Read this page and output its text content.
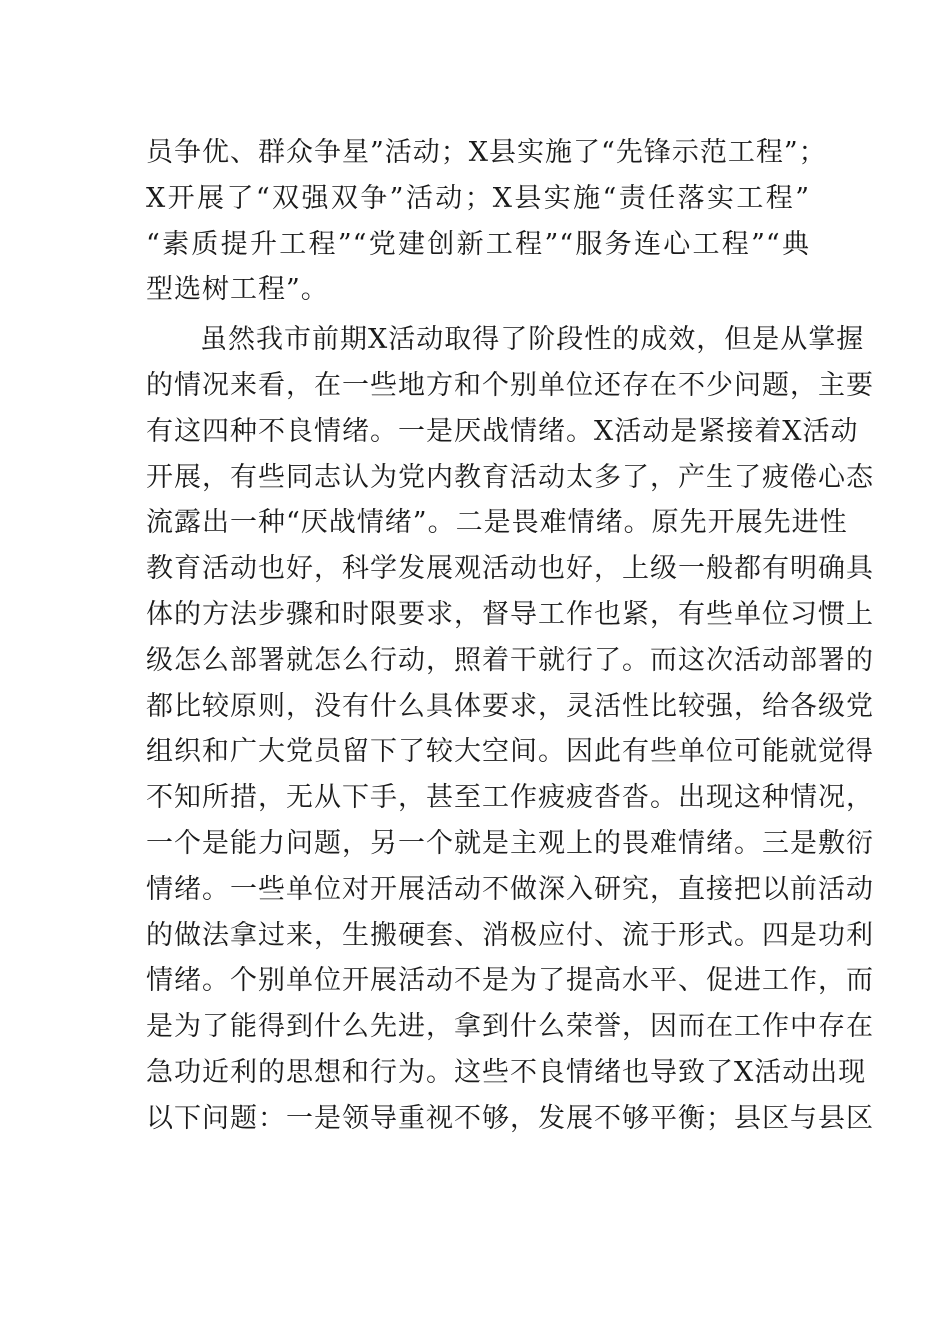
员争优、群众争星”活动；X县实施了“先锋示范工程”；
X开展了“双强双争”活动；X县实施“责任落实工程”
“素质提升工程”“党建创新工程”“服务连心工程”“典
型选树工程”。
虽然我市前期X活动取得了阶段性的成效，但是从掌握
的情况来看，在一些地方和个别单位还存在不少问题，主要
有这四种不良情绪。一是厌战情绪。X活动是紧接着X活动
开展，有些同志认为党内教育活动太多了，产生了疲倦心态
流露出一种“厌战情绪”。二是畏难情绪。原先开展先进性
教育活动也好，科学发展观活动也好，上级一般都有明确具
体的方法步骤和时限要求，督导工作也紧，有些单位习惯上
级怎么部署就怎么行动，照着干就行了。而这次活动部署的
都比较原则，没有什么具体要求，灵活性比较强，给各级党
组织和广大党员留下了较大空间。因此有些单位可能就觉得
不知所措，无从下手，甚至工作疲疲沓沓。出现这种情况，
一个是能力问题，另一个就是主观上的畏难情绪。三是敷衍
情绪。一些单位对开展活动不做深入研究，直接把以前活动
的做法拿过来，生搬硬套、消极应付、流于形式。四是功利
情绪。个别单位开展活动不是为了提高水平、促进工作，而
是为了能得到什么先进，拿到什么荣誉，因而在工作中存在
急功近利的思想和行为。这些不良情绪也导致了X活动出现
以下问题：一是领导重视不够，发展不够平衡；县区与县区
